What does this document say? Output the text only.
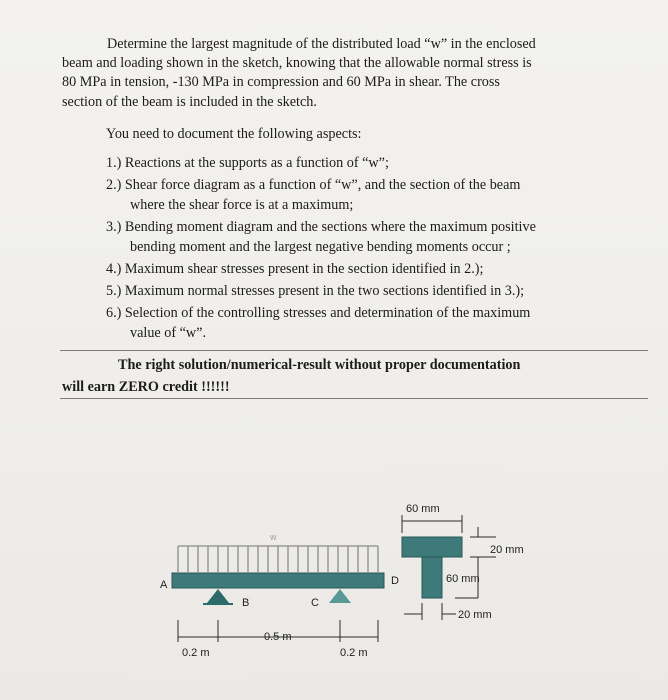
Determine the largest magnitude of the distributed load “w” in the enclosed
beam and loading shown in the sketch, knowing that the allowable normal stress is
80 MPa in tension, -130 MPa in compression and 60 MPa in shear. The cross
section of the beam is included in the sketch.
You need to document the following aspects:
1.) Reactions at the supports as a function of “w”;
2.) Shear force diagram as a function of “w”, and the section of the beam
where the shear force is at a maximum;
3.) Bending moment diagram and the sections where the maximum positive
bending moment and the largest negative bending moments occur ;
4.) Maximum shear stresses present in the section identified in 2.);
5.) Maximum normal stresses present in the two sections identified in 3.);
6.) Selection of the controlling stresses and determination of the maximum
value of “w”.
The right solution/numerical-result without proper documentation
will earn ZERO credit !!!!!!
w
A
B	C
D
0.2 m
0.5 m
0.2 m
60 mm
20 mm
60 mm
20 mm
